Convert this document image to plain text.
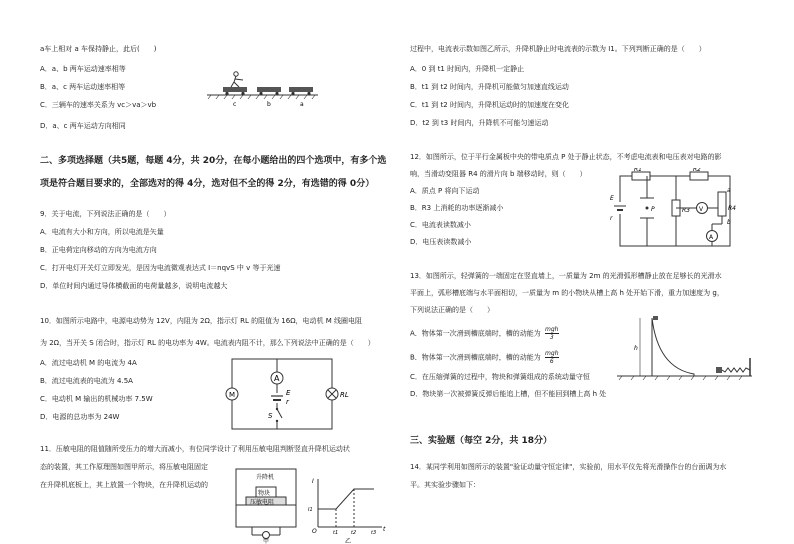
a车上相对 a 车保持静止，此后(　　)
A．a、b 两车运动速率相等
B．a、c 两车运动速率相等
C．三辆车的速率关系为 vc＞va＞vb
D．a、c 两车运动方向相同
二、多项选择题（共5题，每题 4分，共 20分，在每小题给出的四个选项中，有多个选
项是符合题目要求的，全部选对的得 4分，选对但不全的得 2分，有选错的得 0分）
9．关于电流，下列说法正确的是（　　）
A．电流有大小和方向，所以电流是矢量
B．正电荷定向移动的方向为电流方向
C．打开电灯开关灯立即发光，是因为电流微观表达式 I＝nqvS 中 v 等于光速
D．单位时间内通过导体横截面的电荷量越多，说明电流越大
10．如图所示电路中，电源电动势为 12V，内阻为 2Ω，指示灯 RL 的阻值为 16Ω，电动机 M 线圈电阻
为 2Ω，当开关 S 闭合时，指示灯 RL 的电功率为 4W。电流表内阻不计，那么下列说法中正确的是（　　）
A．流过电动机 M 的电流为 4A
B．流过电流表的电流为 4.5A
C．电动机 M 输出的机械功率 7.5W
D．电源的总功率为 24W
11．压敏电阻的阻值随所受压力的增大而减小，有位同学设计了利用压敏电阻判断竖直升降机运动状
态的装置，其工作原理图如图甲所示，将压敏电阻固定
在升降机底板上，其上放置一个物块，在升降机运动的
c	b	a
A
E
r
S
M	RL
升降机
物块
压敏电阻
甲
I
t
O
I1
t1	t2	t3
乙
过程中，电流表示数如图乙所示，升降机静止时电流表的示数为 I1。下列判断正确的是（　　）
A．0 到 t1 时间内，升降机一定静止
B．t1 到 t2 时间内，升降机可能做匀加速直线运动
C．t1 到 t2 时间内，升降机运动时的加速度在变化
D．t2 到 t3 时间内，升降机不可能匀速运动
12．如图所示，位于平行金属板中央的带电质点 P 处于静止状态，不考虑电流表和电压表对电路的影
响，当滑动变阻器 R4 的滑片向 b 端移动时，则（　　）
A．质点 P 将向下运动
B．R3 上消耗的功率逐渐减小
C．电流表读数减小
D．电压表读数减小
13．如图所示，轻弹簧的一端固定在竖直墙上，一质量为 2m 的光滑弧形槽静止放在足够长的光滑水
平面上，弧形槽底端与水平面相切，一质量为 m 的小物块从槽上高 h 处开始下滑，重力加速度为 g，
下列说法正确的是（　　）
A．物体第一次滑到槽底端时，槽的动能为 mgh
3
B．物体第一次滑到槽底端时，槽的动能为 mgh
6
C．在压缩弹簧的过程中，物块和弹簧组成的系统动量守恒
D．物块第一次被弹簧反弹后能追上槽，但不能回到槽上高 h 处
三、实验题（每空 2分，共 18分）
14．某同学利用如图所示的装置"验证动量守恒定律"，实验前，用水平仪先将光滑操作台的台面调为水
平。其实验步骤如下：
R1	R2
E
r
P	R3 V	R4
a
b
A
h
